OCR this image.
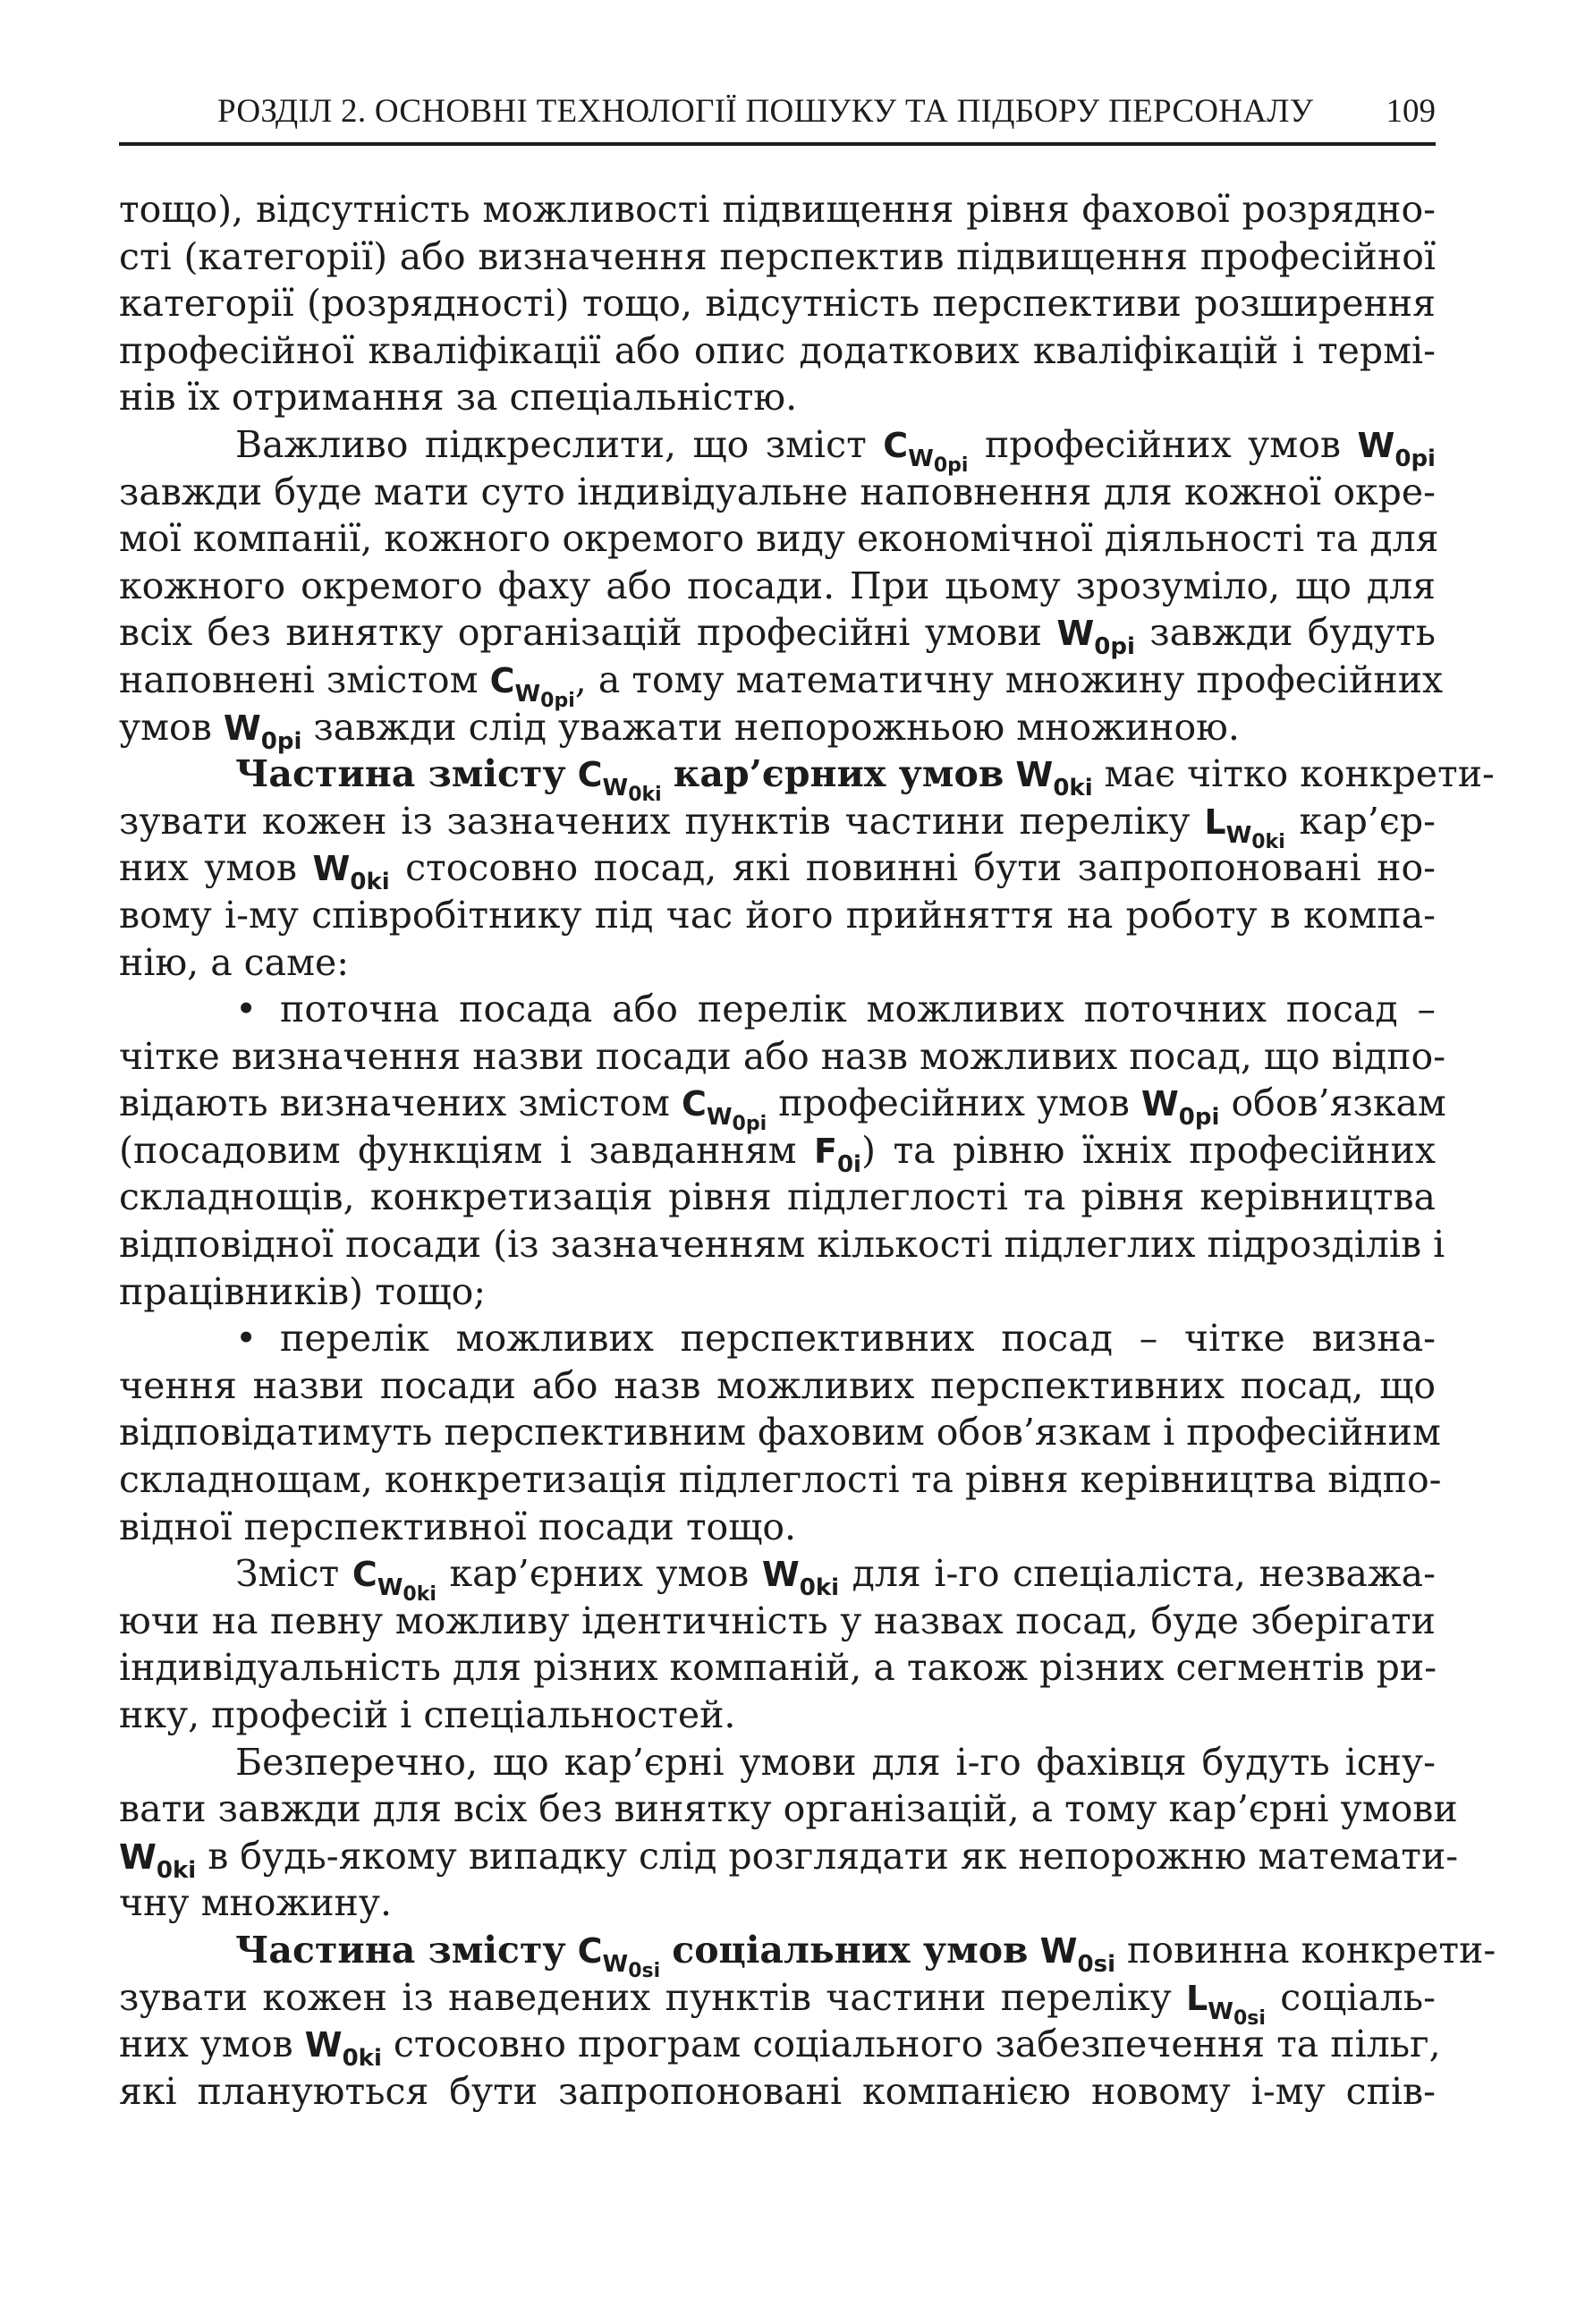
РОЗДІЛ 2. ОСНОВНІ ТЕХНОЛОГІЇ ПОШУКУ ТА ПІДБОРУ ПЕРСОНАЛУ 109
тощо), відсутність можливості підвищення рівня фахової розрядно-
сті (категорії) або визначення перспектив підвищення професійної
категорії (розрядності) тощо, відсутність перспективи розширення
професійної кваліфікації або опис додаткових кваліфікацій і термі-
нів їх отримання за спеціальністю.
Важливо підкреслити, що зміст $C_{W_{0pi}}$ професійних умов $W_{0pi}$
завжди буде мати суто індивідуальне наповнення для кожної окре-
мої компанії, кожного окремого виду економічної діяльності та для
кожного окремого фаху або посади. При цьому зрозуміло, що для
всіх без винятку організацій професійні умови $W_{0pi}$ завжди будуть
наповнені змістом $C_{W_{0pi}}$, а тому математичну множину професійних
умов $W_{0pi}$ завжди слід уважати непорожньою множиною.
Частина змісту $C_{W_{0ki}}$ кар’єрних умов $W_{0ki}$ має чітко конкрети-
зувати кожен із зазначених пунктів частини переліку $L_{W_{0ki}}$ кар’єр-
них умов $W_{0ki}$ стосовно посад, які повинні бути запропоновані но-
вому і-му співробітнику під час його прийняття на роботу в компа-
нію, а саме:
• поточна посада або перелік можливих поточних посад –
чітке визначення назви посади або назв можливих посад, що відпо-
відають визначених змістом $C_{W_{0pi}}$ професійних умов $W_{0pi}$ обов’язкам
(посадовим функціям і завданням $F_{0i}$) та рівню їхніх професійних
складнощів, конкретизація рівня підлеглості та рівня керівництва
відповідної посади (із зазначенням кількості підлеглих підрозділів і
працівників) тощо;
• перелік можливих перспективних посад – чітке визна-
чення назви посади або назв можливих перспективних посад, що
відповідатимуть перспективним фаховим обов’язкам і професійним
складнощам, конкретизація підлеглості та рівня керівництва відпо-
відної перспективної посади тощо.
Зміст $C_{W_{0ki}}$ кар’єрних умов $W_{0ki}$ для і-го спеціаліста, незважа-
ючи на певну можливу ідентичність у назвах посад, буде зберігати
індивідуальність для різних компаній, а також різних сегментів ри-
нку, професій і спеціальностей.
Безперечно, що кар’єрні умови для і-го фахівця будуть існу-
вати завжди для всіх без винятку організацій, а тому кар’єрні умови
$W_{0ki}$ в будь-якому випадку слід розглядати як непорожню математи-
чну множину.
Частина змісту $C_{W_{0si}}$ соціальних умов $W_{0si}$ повинна конкрети-
зувати кожен із наведених пунктів частини переліку $L_{W_{0si}}$ соціаль-
них умов $W_{0ki}$ стосовно програм соціального забезпечення та пільг,
які плануються бути запропоновані компанією новому і-му спів-
